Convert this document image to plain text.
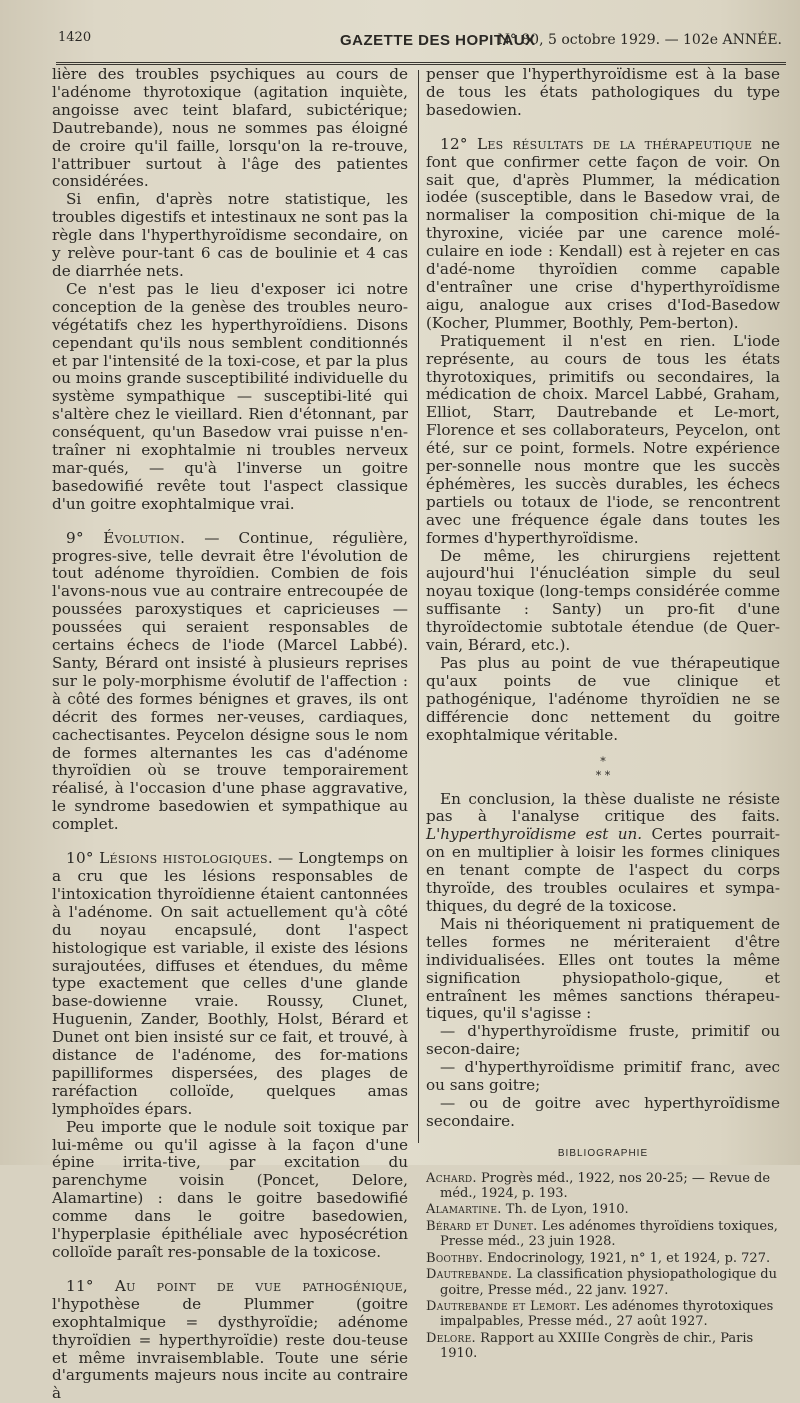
1420	GAZETTE DES HOPITAUX
N° 80, 5 octobre 1929. — 102e ANNÉE.

lière des troubles psychiques au cours de l'adénome thyrotoxique (agitation inquiète, angoisse avec teint blafard, subictérique; Dautrebande), nous ne sommes pas éloigné de croire qu'il faille, lorsqu'on la re-trouve, l'attribuer surtout à l'âge des patientes considérées.

Si enfin, d'après notre statistique, les troubles digestifs et intestinaux ne sont pas la règle dans l'hyperthyroïdisme secondaire, on y relève pour-tant 6 cas de boulinie et 4 cas de diarrhée nets.

Ce n'est pas le lieu d'exposer ici notre conception de la genèse des troubles neuro-végétatifs chez les hyperthyroïdiens. Disons cependant qu'ils nous semblent conditionnés et par l'intensité de la toxi-cose, et par la plus ou moins grande susceptibilité individuelle du système sympathique — susceptibi-lité qui s'altère chez le vieillard. Rien d'étonnant, par conséquent, qu'un Basedow vrai puisse n'en-traîner ni exophtalmie ni troubles nerveux mar-qués, — qu'à l'inverse un goitre basedowifié revête tout l'aspect classique d'un goitre exophtalmique vrai.

9° Évolution. — Continue, régulière, progres-sive, telle devrait être l'évolution de tout adénome thyroïdien. Combien de fois l'avons-nous vue au contraire entrecoupée de poussées paroxystiques et capricieuses — poussées qui seraient responsables de certains échecs de l'iode (Marcel Labbé). Santy, Bérard ont insisté à plusieurs reprises sur le poly-morphisme évolutif de l'affection : à côté des formes bénignes et graves, ils ont décrit des formes ner-veuses, cardiaques, cachectisantes. Peycelon désigne sous le nom de formes alternantes les cas d'adénome thyroïdien où se trouve temporairement réalisé, à l'occasion d'une phase aggravative, le syndrome basedowien et sympathique au complet.

10° Lésions histologiques. — Longtemps on a cru que les lésions responsables de l'intoxication thyroïdienne étaient cantonnées à l'adénome. On sait actuellement qu'à côté du noyau encapsulé, dont l'aspect histologique est variable, il existe des lésions surajoutées, diffuses et étendues, du même type exactement que celles d'une glande base-dowienne vraie. Roussy, Clunet, Huguenin, Zander, Boothly, Holst, Bérard et Dunet ont bien insisté sur ce fait, et trouvé, à distance de l'adénome, des for-mations papilliformes dispersées, des plages de raréfaction colloïde, quelques amas lymphoïdes épars.

Peu importe que le nodule soit toxique par lui-même ou qu'il agisse à la façon d'une épine irrita-tive, par excitation du parenchyme voisin (Poncet, Delore, Alamartine) : dans le goitre basedowifié comme dans le goitre basedowien, l'hyperplasie épithéliale avec hyposécrétion colloïde paraît res-ponsable de la toxicose.

11° Au point de vue pathogénique, l'hypothèse de Plummer (goitre exophtalmique = dysthyroïdie; adénome thyroïdien = hyperthyroïdie) reste dou-teuse et même invraisemblable. Toute une série d'arguments majeurs nous incite au contraire à

penser que l'hyperthyroïdisme est à la base de tous les états pathologiques du type basedowien.

12° Les résultats de la thérapeutique ne font que confirmer cette façon de voir. On sait que, d'après Plummer, la médication iodée (susceptible, dans le Basedow vrai, de normaliser la composition chi-mique de la thyroxine, viciée par une carence molé-culaire en iode : Kendall) est à rejeter en cas d'adé-nome thyroïdien comme capable d'entraîner une crise d'hyperthyroïdisme aigu, analogue aux crises d'Iod-Basedow (Kocher, Plummer, Boothly, Pem-berton).

Pratiquement il n'est en rien. L'iode représente, au cours de tous les états thyrotoxiques, primitifs ou secondaires, la médication de choix. Marcel Labbé, Graham, Elliot, Starr, Dautrebande et Le-mort, Florence et ses collaborateurs, Peycelon, ont été, sur ce point, formels. Notre expérience per-sonnelle nous montre que les succès éphémères, les succès durables, les échecs partiels ou totaux de l'iode, se rencontrent avec une fréquence égale dans toutes les formes d'hyperthyroïdisme.

De même, les chirurgiens rejettent aujourd'hui l'énucléation simple du seul noyau toxique (long-temps considérée comme suffisante : Santy) un pro-fit d'une thyroïdectomie subtotale étendue (de Quer-vain, Bérard, etc.).

Pas plus au point de vue thérapeutique qu'aux points de vue clinique et pathogénique, l'adénome thyroïdien ne se différencie donc nettement du goitre exophtalmique véritable.

*
* *

En conclusion, la thèse dualiste ne résiste pas à l'analyse critique des faits. L'hyperthyroïdisme est un. Certes pourrait-on en multiplier à loisir les formes cliniques en tenant compte de l'aspect du corps thyroïde, des troubles oculaires et sympa-thiques, du degré de la toxicose.

Mais ni théoriquement ni pratiquement de telles formes ne mériteraient d'être individualisées. Elles ont toutes la même signification physiopatholo-gique, et entraînent les mêmes sanctions thérapeu-tiques, qu'il s'agisse :

— d'hyperthyroïdisme fruste, primitif ou secon-daire;

— d'hyperthyroïdisme primitif franc, avec ou sans goitre;

— ou de goitre avec hyperthyroïdisme secondaire.

BIBLIOGRAPHIE

Achard. Progrès méd., 1922, nos 20-25; — Revue de méd., 1924, p. 193.

Alamartine. Th. de Lyon, 1910.

Bérard et Dunet. Les adénomes thyroïdiens toxiques, Presse méd., 23 juin 1928.

Boothby. Endocrinology, 1921, n° 1, et 1924, p. 727.

Dautrebande. La classification physiopathologique du goitre, Presse méd., 22 janv. 1927.

Dautrebande et Lemort. Les adénomes thyrotoxiques impalpables, Presse méd., 27 août 1927.

Delore. Rapport au XXIIIe Congrès de chir., Paris 1910.
